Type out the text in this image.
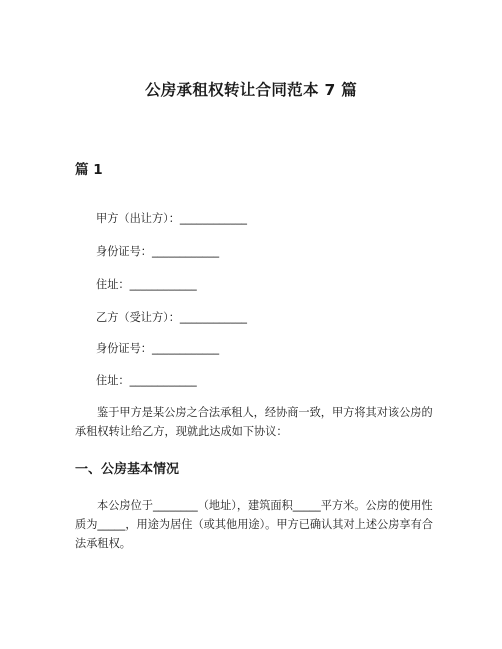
公房承租权转让合同范本 7 篇
篇 1
甲方（出让方）：____________
身份证号：____________
住址：____________
乙方（受让方）：____________
身份证号：____________
住址：____________
鉴于甲方是某公房之合法承租人，经协商一致，甲方将其对该公房的承租权转让给乙方，现就此达成如下协议：
一、公房基本情况
本公房位于________（地址），建筑面积_____平方米。公房的使用性质为_____，用途为居住（或其他用途）。甲方已确认其对上述公房享有合法承租权。
